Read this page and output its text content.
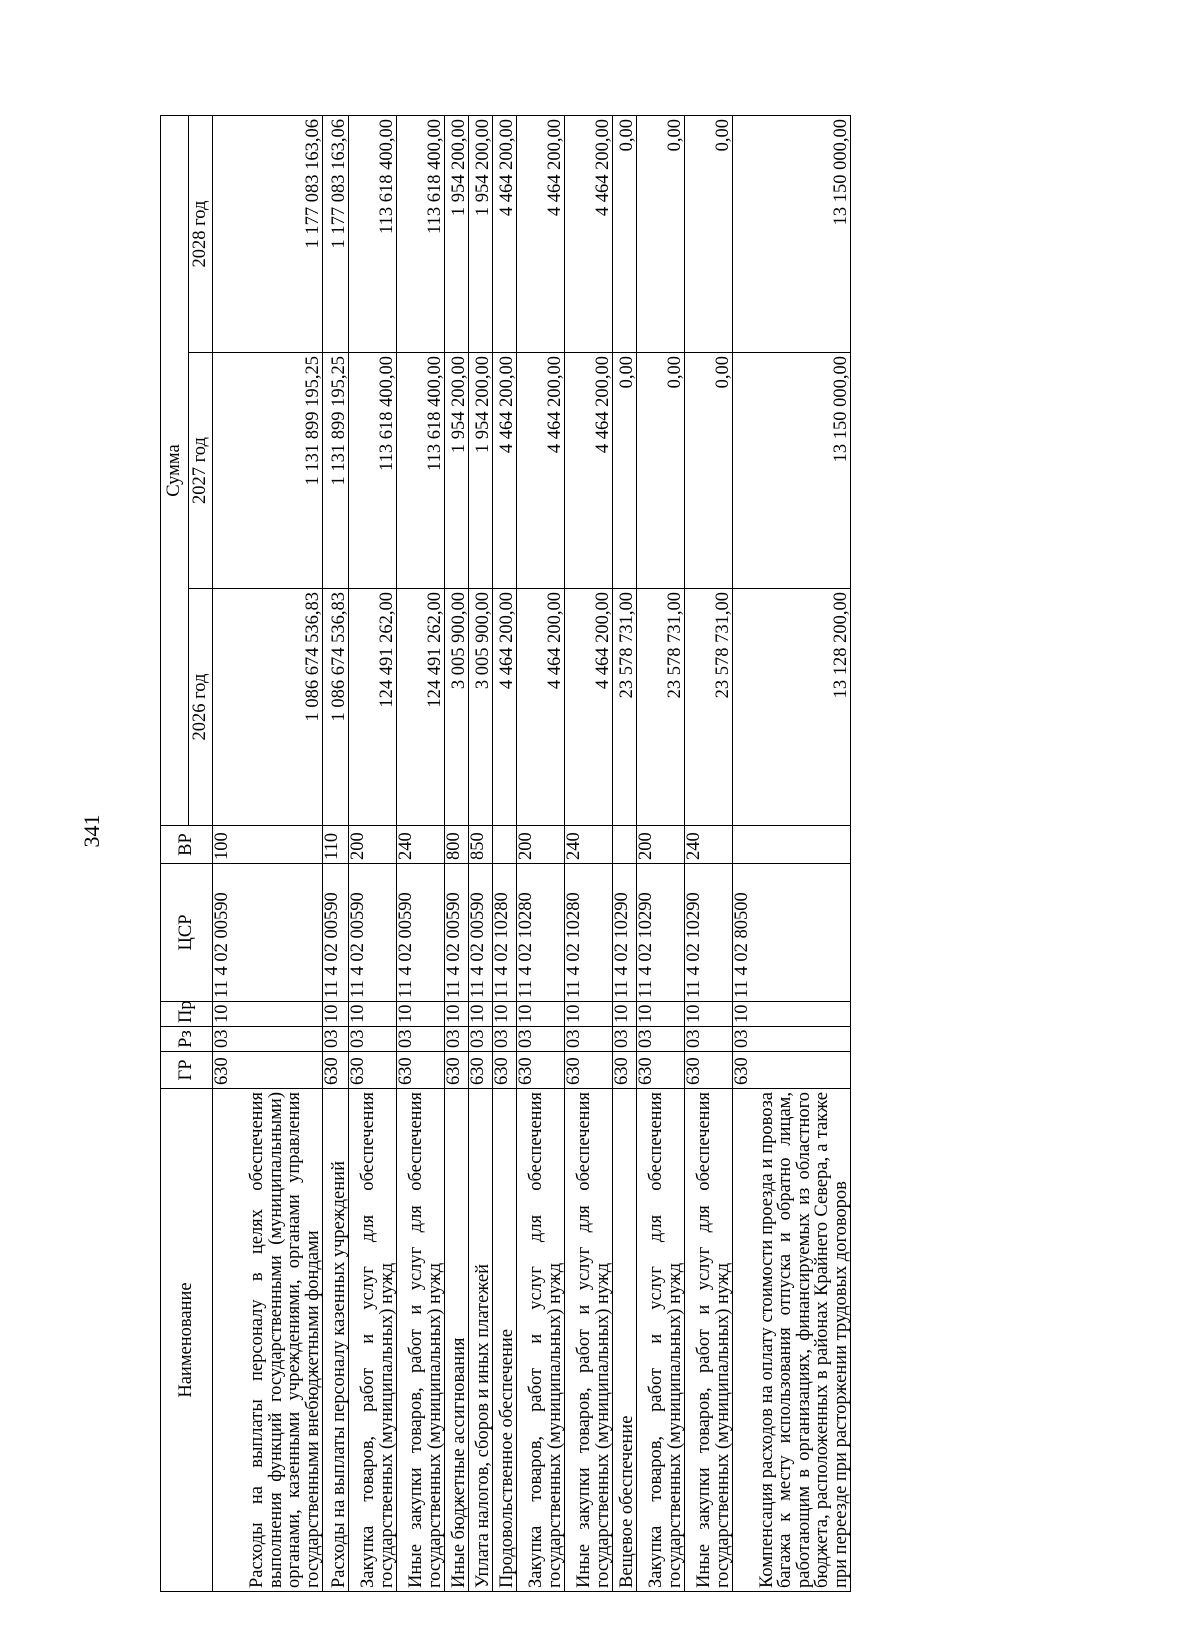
341
Наименование	ГР	Рз	Пр	ЦСР	ВР	Сумма		
						2026 год	2027 год	2028 год
Расходы на выплаты персоналу в целях обеспечения выполнения функций государственными (муниципальными) органами, казенными учреждениями, органами управления государственными внебюджетными фондами	630	03	10	11 4 02 00590	100	1 086 674 536,83	1 131 899 195,25	1 177 083 163,06
Расходы на выплаты персоналу казенных учреждений	630	03	10	11 4 02 00590	110	1 086 674 536,83	1 131 899 195,25	1 177 083 163,06
Закупка товаров, работ и услуг для обеспечения государственных (муниципальных) нужд	630	03	10	11 4 02 00590	200	124 491 262,00	113 618 400,00	113 618 400,00
Иные закупки товаров, работ и услуг для обеспечения государственных (муниципальных) нужд	630	03	10	11 4 02 00590	240	124 491 262,00	113 618 400,00	113 618 400,00
Иные бюджетные ассигнования	630	03	10	11 4 02 00590	800	3 005 900,00	1 954 200,00	1 954 200,00
Уплата налогов, сборов и иных платежей	630	03	10	11 4 02 00590	850	3 005 900,00	1 954 200,00	1 954 200,00
Продовольственное обеспечение	630	03	10	11 4 02 10280		4 464 200,00	4 464 200,00	4 464 200,00
Закупка товаров, работ и услуг для обеспечения государственных (муниципальных) нужд	630	03	10	11 4 02 10280	200	4 464 200,00	4 464 200,00	4 464 200,00
Иные закупки товаров, работ и услуг для обеспечения государственных (муниципальных) нужд	630	03	10	11 4 02 10280	240	4 464 200,00	4 464 200,00	4 464 200,00
Вещевое обеспечение	630	03	10	11 4 02 10290		23 578 731,00	0,00	0,00
Закупка товаров, работ и услуг для обеспечения государственных (муниципальных) нужд	630	03	10	11 4 02 10290	200	23 578 731,00	0,00	0,00
Иные закупки товаров, работ и услуг для обеспечения государственных (муниципальных) нужд	630	03	10	11 4 02 10290	240	23 578 731,00	0,00	0,00
Компенсация расходов на оплату стоимости проезда и провоза багажа к месту использования отпуска и обратно лицам, работающим в организациях, финансируемых из областного бюджета, расположенных в районах Крайнего Севера, а также при переезде при расторжении трудовых договоров	630	03	10	11 4 02 80500		13 128 200,00	13 150 000,00	13 150 000,00
